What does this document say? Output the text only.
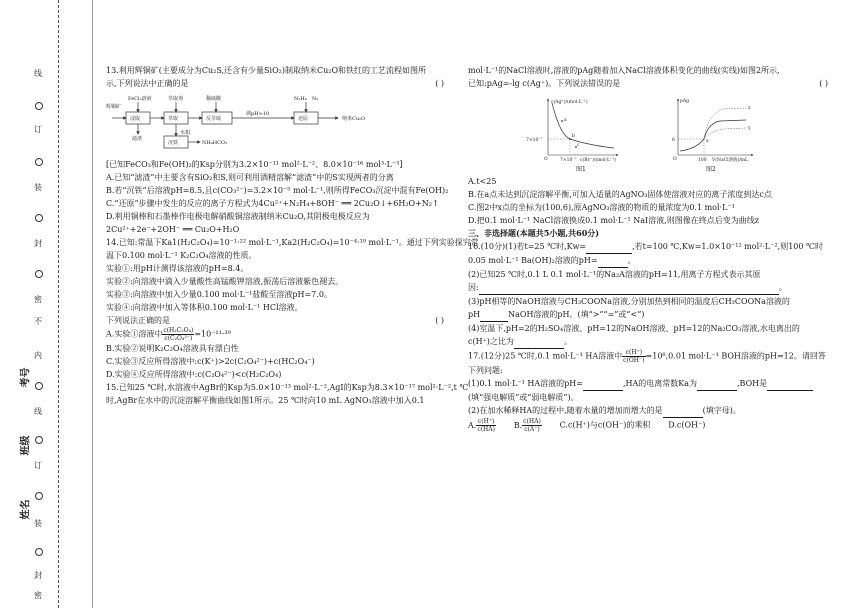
线
订
装
封
密
不
内
线
订
装
封
密
考号
班级
姓名

13.利用辉铜矿(主要成分为Cu₂S,还含有少量SiO₂)制取纳米Cu₂O和铁红的工艺流程如图所

示,下列说法中正确的是	( )

辉铜矿
FeCl₃溶液
浸取
滤渣
萃取剂
萃取
水相
沉铁	NH₄HCO₃
稀硫酸
反萃取
调pH≈10
N₂H₄ N₂
还原	纳米Cu₂O

[已知FeCO₃和Fe(OH)₂的Ksp分别为3.2×10⁻¹¹ mol²·L⁻²、8.0×10⁻¹⁶ mol³·L⁻³]

A.已知“滤渣”中主要含有SiO₂和S,则可利用酒精溶解“滤渣”中的S实现两者的分离

B.若“沉铁”后溶液pH=8.5,且c(CO₃²⁻)=3.2×10⁻⁵ mol·L⁻¹,则所得FeCO₃沉淀中混有Fe(OH)₂

C.“还原”步骤中发生的反应的离子方程式为4Cu²⁺+N₂H₄+8OH⁻ ══ 2Cu₂O↓+6H₂O+N₂↑

D.利用铜棒和石墨棒作电极电解硝酸铜溶液制纳米Cu₂O,其阴极电极反应为

2Cu²⁺+2e⁻+2OH⁻ ══ Cu₂O+H₂O

14.已知:常温下Ka1(H₂C₂O₄)=10⁻¹·²² mol·L⁻¹,Ka2(H₂C₂O₄)=10⁻⁴·¹⁹ mol·L⁻¹。通过下列实验探究常

温下0.100 mol·L⁻¹ K₂C₂O₄溶液的性质。

实验①:用pH计测得该溶液的pH=8.4。

实验②:向溶液中滴入少量酸性高锰酸钾溶液,振荡后溶液紫色褪去。

实验③:向溶液中加入少量0.100 mol·L⁻¹盐酸至溶液pH=7.0。

实验④:向溶液中加入等体积0.100 mol·L⁻¹ HCl溶液。

下列说法正确的是	( )

A.实验①溶液中 $\frac{\text{c(H₂C₂O₄)}}{\text{c(C₂O₄²⁻)}} =10^{-11}\cdot^{39}$

B.实验②说明K₂C₂O₄溶液具有漂白性

C.实验③反应所得溶液中:c(K⁺)>2c(C₂O₄²⁻)+c(HC₂O₄⁻)

D.实验④反应所得溶液中:c(C₂O₄²⁻)<c(H₂C₂O₄)

15.已知25 ℃时,水溶液中AgBr的Ksp为5.0×10⁻¹³ mol²·L⁻²,AgI的Ksp为8.3×10⁻¹⁷ mol²·L⁻²,t ℃

时,AgBr在水中的沉淀溶解平衡曲线如图1所示。25 ℃时向10 mL AgNO₃溶液中加入0.1

mol·L⁻¹的NaCl溶液时,溶液的pAg随着加入NaCl溶液体积变化的曲线(实线)如图2所示,

已知:pAg=-lg c(Ag⁺)。下列说法错误的是	( )

c(Ag⁺)/(mol·L⁻¹)
c(Br⁻)/(mol·L⁻¹)
7×10⁻⁷
7×10⁻⁷
O
a
b
c
图1
pAg
V(NaCl溶液)/mL
6
100
O
x
y
z
图2

A.t<25

B.在a点未达到沉淀溶解平衡,可加入适量的AgNO₃固体使溶液对应的离子浓度到达c点

C.图2中x点的坐标为(100,6),原AgNO₃溶液的物质的量浓度为0.1 mol·L⁻¹

D.把0.1 mol·L⁻¹ NaCl溶液换成0.1 mol·L⁻¹ NaI溶液,则图像在终点后变为曲线z

三、非选择题(本题共5小题,共60分)

16.(10分)(1)若t=25 ℃时,Kw=	,若t=100 ℃,Kw=1.0×10⁻¹² mol²·L⁻²,则100 ℃时

0.05 mol·L⁻¹ Ba(OH)₂溶液的pH=	。

(2)已知25 ℃时,0.1 L 0.1 mol·L⁻¹的Na₂A溶液的pH=11,用离子方程式表示其原

因:	。

(3)pH相等的NaOH溶液与CH₃COONa溶液,分别加热到相同的温度后CH₃COONa溶液的

pH	NaOH溶液的pH。(填“>”“=”或“<”)

(4)室温下,pH=2的H₂SO₄溶液、pH=12的NaOH溶液、pH=12的Na₂CO₃溶液,水电离出的

c(H⁺)之比为	。

17.(12分)25 ℃时,0.1 mol·L⁻¹ HA溶液中 $\frac{c(H^+)}{c(OH^-)} =10^8,0.01$ mol·L⁻¹ BOH溶液的pH=12。请回答

下列问题:

(1)0.1 mol·L⁻¹ HA溶液的pH=	,HA的电离常数Ka为	,BOH是

(填“强电解质”或“弱电解质”)。

(2)在加水稀释HA的过程中,随着水量的增加而增大的是	(填字母)。

A. $\frac{c(H^+)}{c(HA)} B$. $\frac{c(HA)}{c(A^-)} C.c(H^+)$与c(OH⁻)的乘积 D.c(OH⁻)
